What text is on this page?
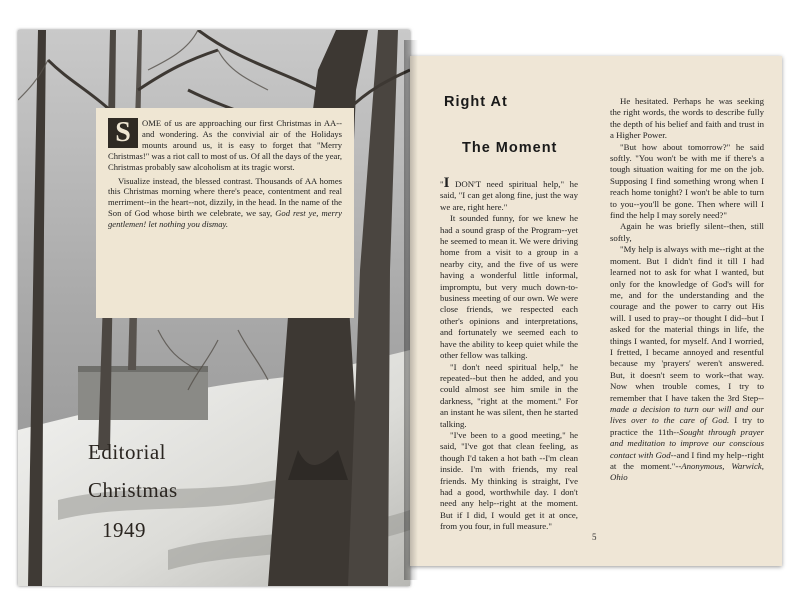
S	OME of us are approaching our first Christmas in AA--and wondering. As the convivial air of the Holidays mounts around us, it is easy to forget that "Merry Christmas!" was a riot call to most of us. Of all the days of the year, Christmas probably saw alcoholism at its tragic worst.

Visualize instead, the blessed contrast. Thousands of AA homes this Christmas morning where there's peace, contentment and real merriment--in the heart--not, dizzily, in the head. In the name of the Son of God whose birth we celebrate, we say, God rest ye, merry gentlemen! let nothing you dismay.

Editorial
Christmas
1949
Right At
The Moment

"I DON'T need spiritual help," he said, "I can get along fine, just the way we are, right here."

It sounded funny, for we knew he had a sound grasp of the Program--yet he seemed to mean it. We were driving home from a visit to a group in a nearby city, and the five of us were having a wonderful little informal, impromptu, but very much down-to-business meeting of our own. We were close friends, we respected each other's opinions and interpretations, and fortunately we seemed each to have the ability to keep quiet while the other fellow was talking.

"I don't need spiritual help," he repeated--but then he added, and you could almost see him smile in the darkness, "right at the moment." For an instant he was silent, then he started talking.

"I've been to a good meeting," he said, "I've got that clean feeling, as though I'd taken a hot bath --I'm clean inside. I'm with friends, my real friends. My thinking is straight, I've had a good, worthwhile day. I don't need any help--right at the moment. But if I did, I would get it at once, from you four, in full measure."

He hesitated. Perhaps he was seeking the right words, the words to describe fully the depth of his belief and faith and trust in a Higher Power.

"But how about tomorrow?" he said softly. "You won't be with me if there's a tough situation waiting for me on the job. Supposing I find something wrong when I reach home tonight? I won't be able to turn to you--you'll be gone. Then where will I find the help I may sorely need?"

Again he was briefly silent--then, still softly,

"My help is always with me--right at the moment. But I didn't find it till I had learned not to ask for what I wanted, but only for the knowledge of God's will for me, and for the understanding and the courage and the power to carry out His will. I used to pray--or thought I did--but I asked for the material things in life, the things I wanted, for myself. And I worried, I fretted, I became annoyed and resentful because my 'prayers' weren't answered. But, it doesn't seem to work--that way. Now when trouble comes, I try to remember that I have taken the 3rd Step--made a decision to turn our will and our lives over to the care of God. I try to practice the 11th--Sought through prayer and meditation to improve our conscious contact with God--and I find my help--right at the moment."--Anonymous, Warwick, Ohio

5
